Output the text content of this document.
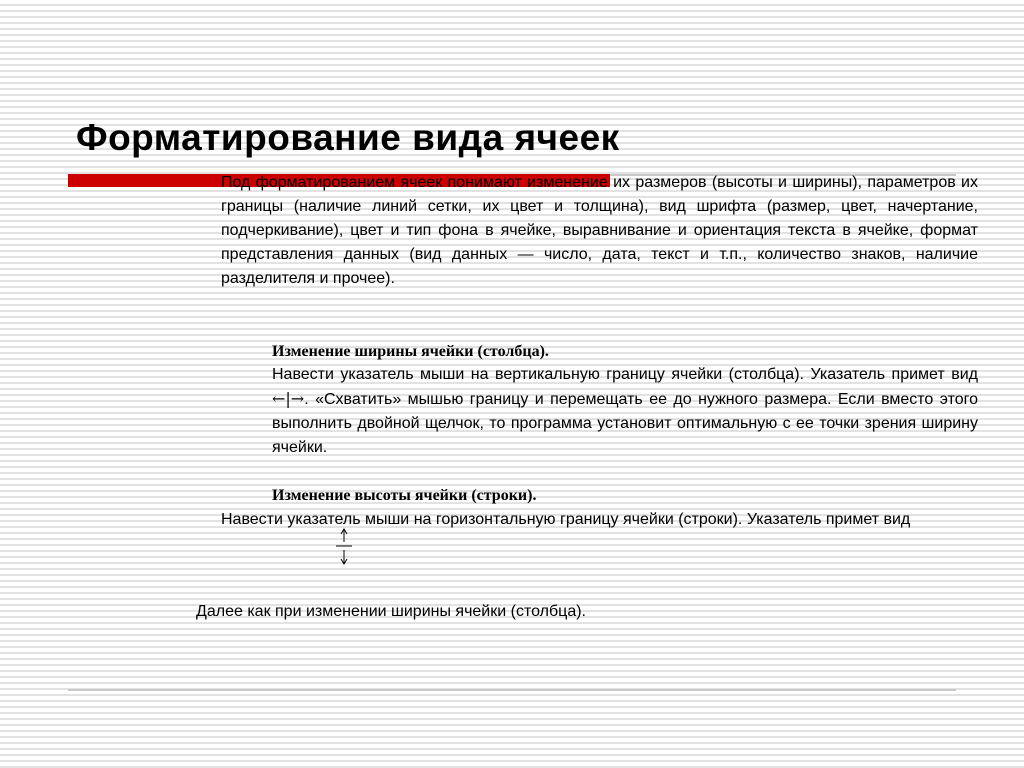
Форматирование вида ячеек

Под форматированием ячеек понимают изменение их размеров (высоты и ширины), параметров их границы (наличие линий сетки, их цвет и толщина), вид шрифта (размер, цвет, начертание, подчеркивание), цвет и тип фона в ячейке, выравнивание и ориентация текста в ячейке, формат представления данных (вид данных — число, дата, текст и т.п., количество знаков, наличие разделителя и прочее).

Изменение ширины ячейки (столбца).

Навести указатель мыши на вертикальную границу ячейки (столбца). Указатель примет вид ←|→. «Схватить» мышью границу и перемещать ее до нужного размера. Если вместо этого выполнить двойной щелчок, то программа установит оптимальную с ее точки зрения ширину ячейки.

Изменение высоты ячейки (строки).

Навести указатель мыши на горизонтальную границу ячейки (строки). Указатель примет вид

Далее как при изменении ширины ячейки (столбца).
